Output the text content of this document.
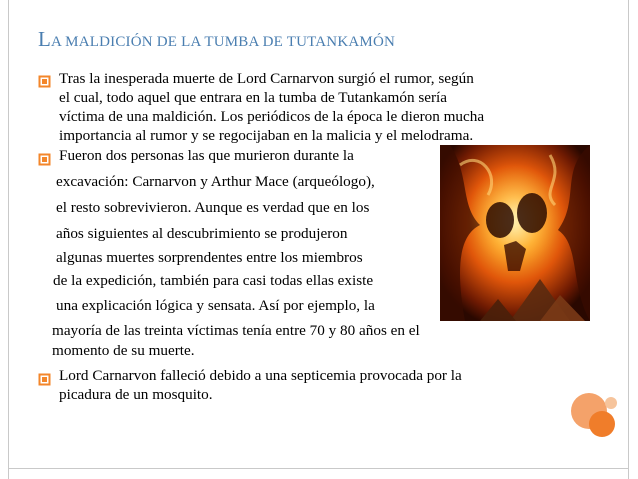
LA MALDICIÓN DE LA TUMBA DE TUTANKAMÓN
Tras la inesperada muerte de Lord Carnarvon surgió el rumor, según
el cual, todo aquel que entrara en la tumba de Tutankamón sería
víctima de una maldición. Los periódicos de la época le dieron mucha
importancia al rumor y se regocijaban en la malicia y el melodrama.
Fueron dos personas las que murieron durante la
excavación: Carnarvon y Arthur Mace (arqueólogo),
el resto sobrevivieron. Aunque es verdad que en los
años siguientes al descubrimiento se produjeron
algunas muertes sorprendentes entre los miembros
de la expedición, también para casi todas ellas existe
una explicación lógica y sensata. Así por ejemplo, la
mayoría de las treinta víctimas tenía entre 70 y 80 años en el
momento de su muerte.
Lord Carnarvon falleció debido a una septicemia provocada por la
picadura de un mosquito.
